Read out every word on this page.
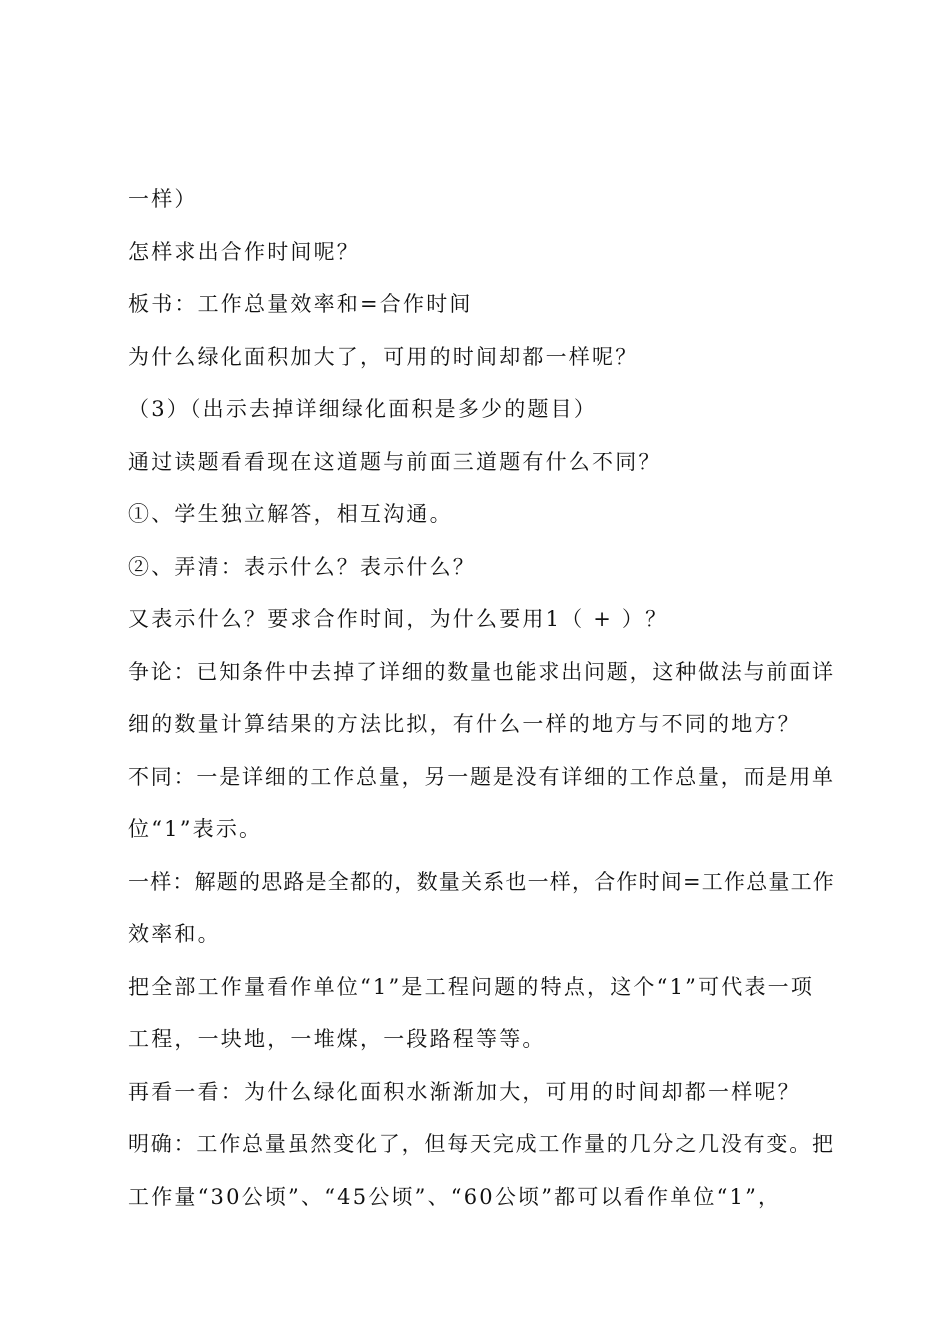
一样）
怎样求出合作时间呢？
板书：工作总量效率和=合作时间
为什么绿化面积加大了，可用的时间却都一样呢？
（3）（出示去掉详细绿化面积是多少的题目）
通过读题看看现在这道题与前面三道题有什么不同？
①、学生独立解答，相互沟通。
②、弄清：表示什么？表示什么？
又表示什么？要求合作时间，为什么要用1（ + ）？
争论：已知条件中去掉了详细的数量也能求出问题，这种做法与前面详
细的数量计算结果的方法比拟，有什么一样的地方与不同的地方？
不同：一是详细的工作总量，另一题是没有详细的工作总量，而是用单
位“1”表示。
一样：解题的思路是全都的，数量关系也一样，合作时间=工作总量工作
效率和。
把全部工作量看作单位“1”是工程问题的特点，这个“1”可代表一项
工程，一块地，一堆煤，一段路程等等。
再看一看：为什么绿化面积水渐渐加大，可用的时间却都一样呢？
明确：工作总量虽然变化了，但每天完成工作量的几分之几没有变。把
工作量“30公顷”、“45公顷”、“60公顷”都可以看作单位“1”，
